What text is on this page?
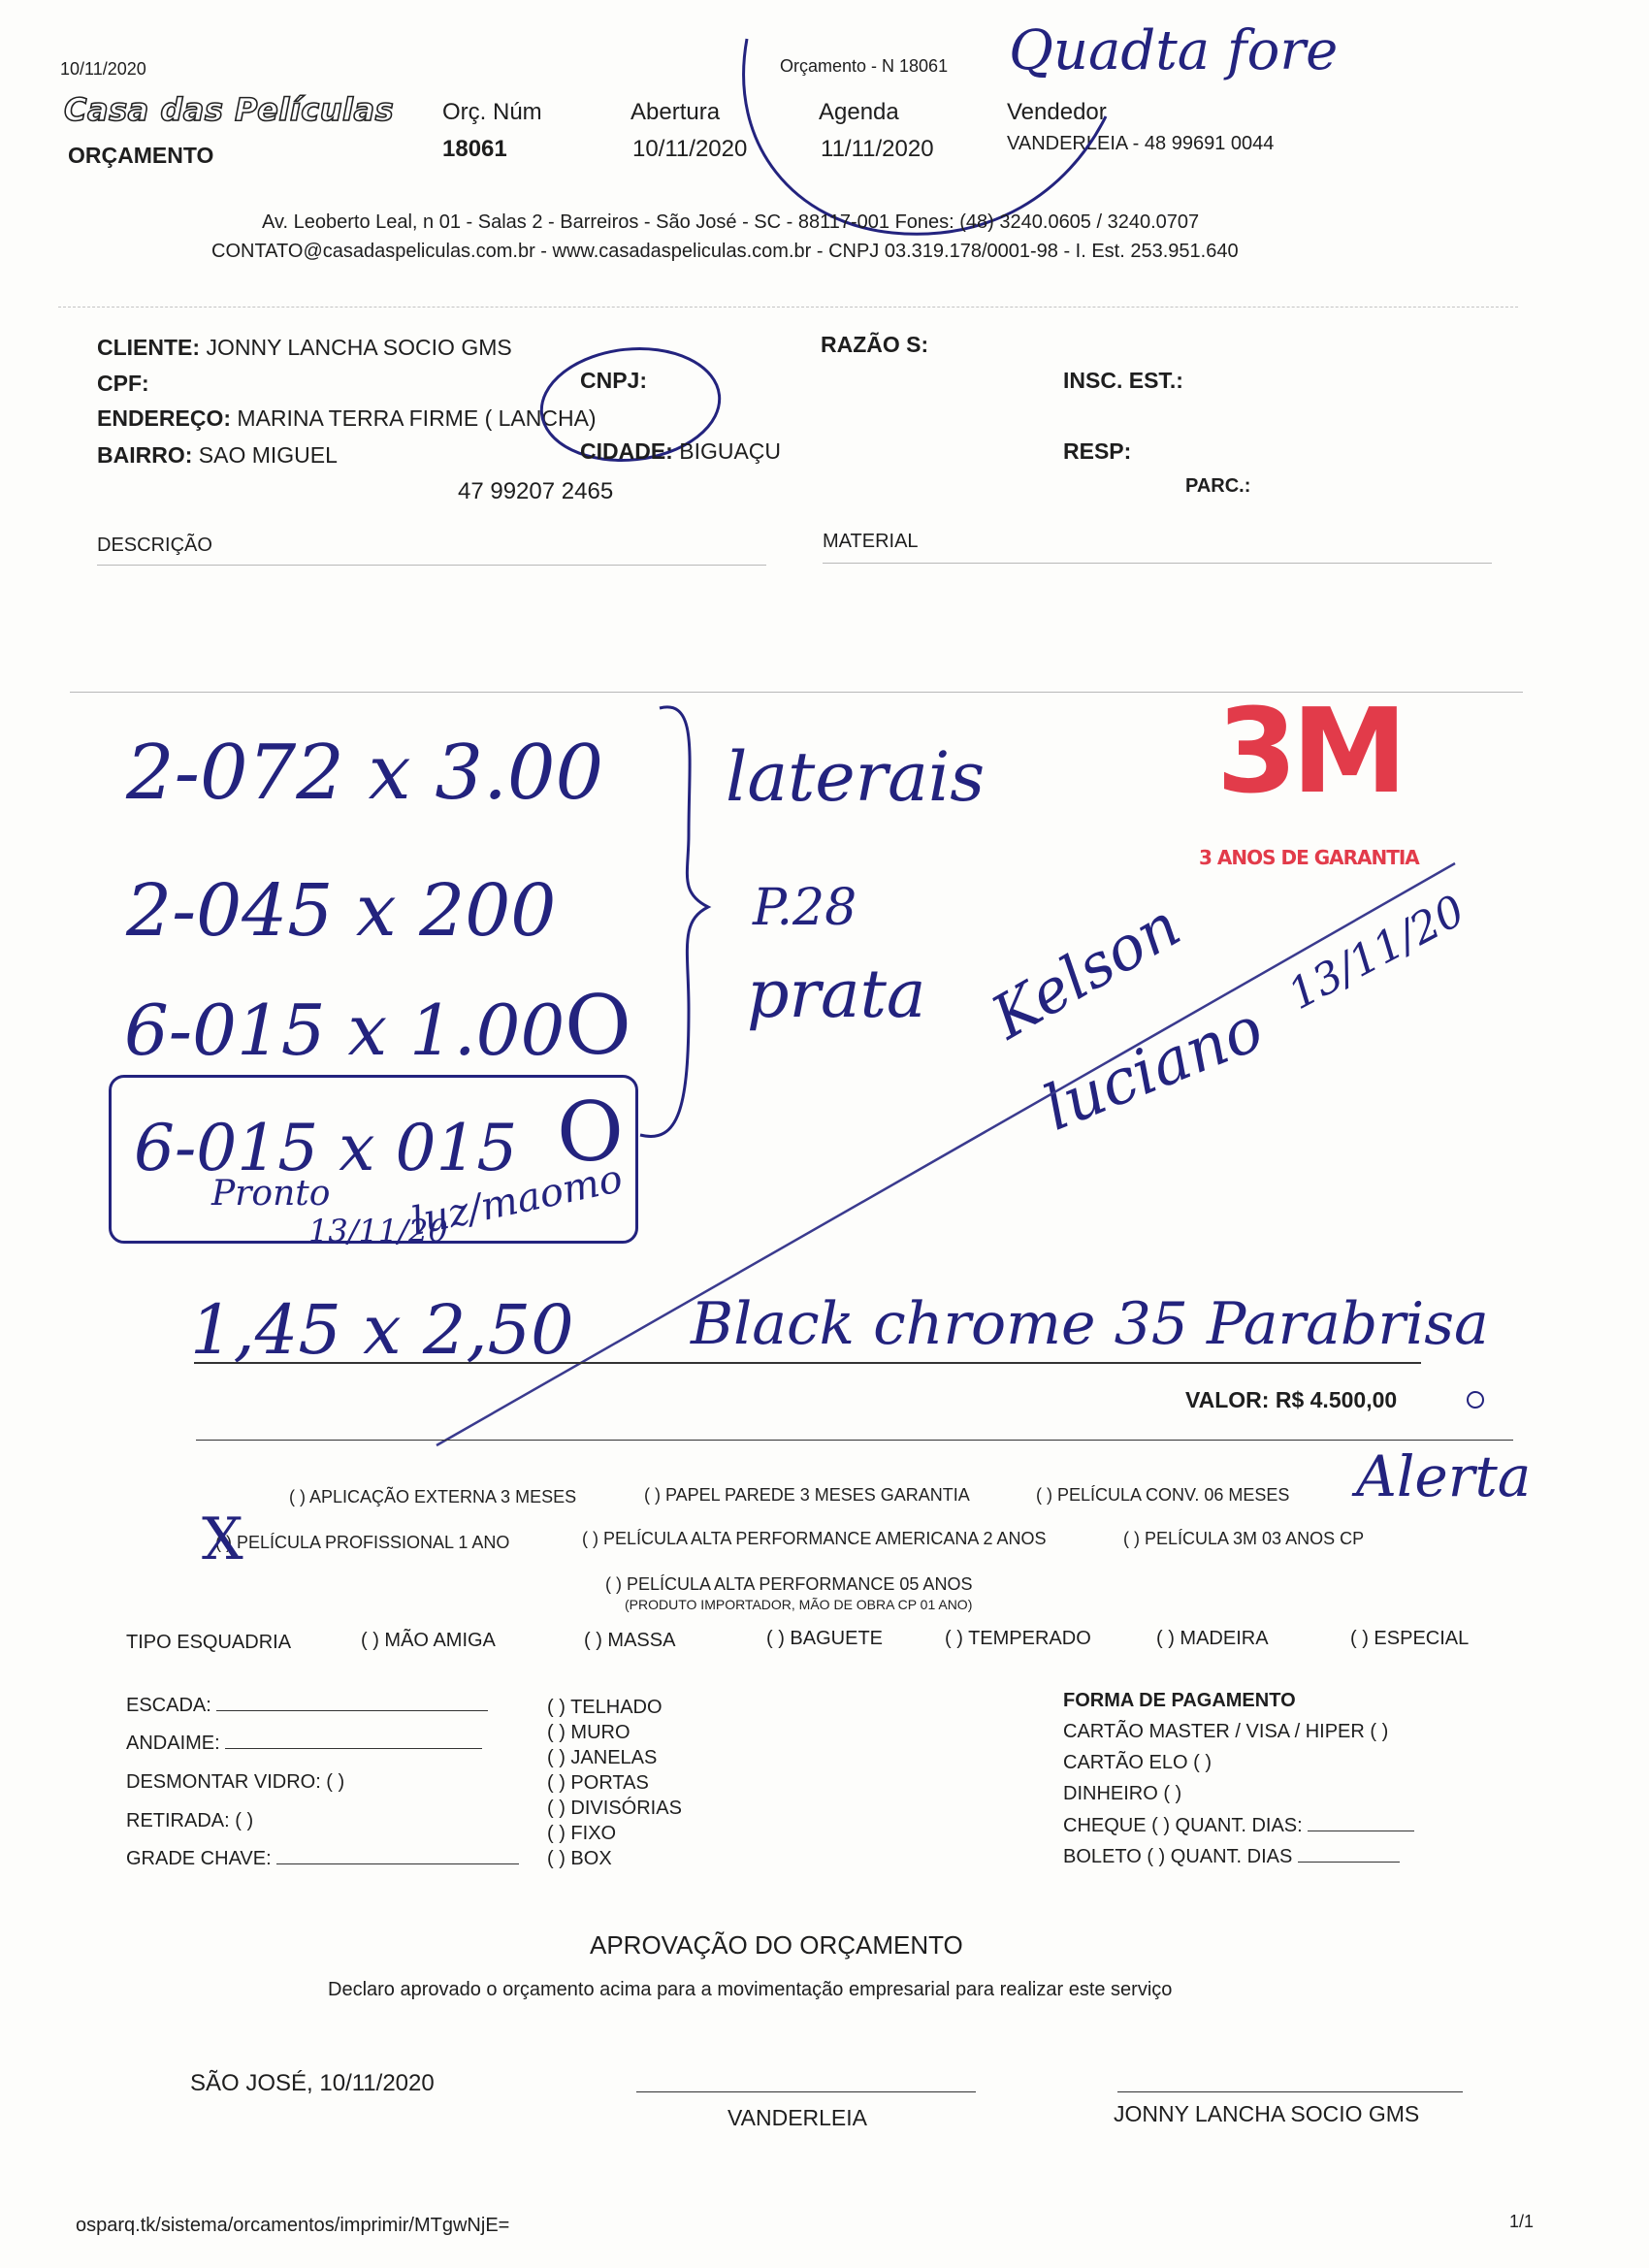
10/11/2020
Casa das Películas
ORÇAMENTO
Orç. Núm
18061
Abertura
10/11/2020
Agenda
11/11/2020
Vendedor
VANDERLEIA - 48 99691 0044
Orçamento - N 18061 Quadta fore
Av. Leoberto Leal, n 01 - Salas 2 - Barreiros - São José - SC - 88117-001 Fones: (48) 3240.0605 / 3240.0707
CONTATO@casadaspeliculas.com.br - www.casadaspeliculas.com.br - CNPJ 03.319.178/0001-98 - I. Est. 253.951.640
CLIENTE: JONNY LANCHA SOCIO GMS	RAZÃO S:
CPF:	CNPJ:	INSC. EST.:
ENDEREÇO: MARINA TERRA FIRME ( LANCHA)
BAIRRO: SAO MIGUEL	CIDADE: BIGUAÇU	RESP:
47 99207 2465	PARC.:
DESCRIÇÃO	MATERIAL
2-072 x 3.00
2-045 x 200
6-015 x 1.00 O
6-015 x 015 O
Pronto
13/11/20
luz/maomo
laterais
P.28
prata Kelson
luciano
13/11/20
3M
3 ANOS DE GARANTIA
1,45 x 2,50 Black chrome 35 Parabrisa
VALOR: R$ 4.500,00
( ) APLICAÇÃO EXTERNA 3 MESES	( ) PAPEL PAREDE 3 MESES GARANTIA	( ) PELÍCULA CONV. 06 MESES Alerta
( ) PELÍCULA PROFISSIONAL 1 ANO
X	( ) PELÍCULA ALTA PERFORMANCE AMERICANA 2 ANOS	( ) PELÍCULA 3M 03 ANOS CP
( ) PELÍCULA ALTA PERFORMANCE 05 ANOS
(PRODUTO IMPORTADOR, MÃO DE OBRA CP 01 ANO)
TIPO ESQUADRIA	( ) MÃO AMIGA	( ) MASSA	( ) BAGUETE	( ) TEMPERADO	( ) MADEIRA	( ) ESPECIAL
ESCADA:
ANDAIME:
DESMONTAR VIDRO: ( )
RETIRADA: ( )
GRADE CHAVE:
( ) TELHADO
( ) MURO
( ) JANELAS
( ) PORTAS
( ) DIVISÓRIAS
( ) FIXO
( ) BOX
FORMA DE PAGAMENTO
CARTÃO MASTER / VISA / HIPER ( )
CARTÃO ELO ( )
DINHEIRO ( )
CHEQUE ( ) QUANT. DIAS:
BOLETO ( ) QUANT. DIAS
APROVAÇÃO DO ORÇAMENTO
Declaro aprovado o orçamento acima para a movimentação empresarial para realizar este serviço
SÃO JOSÉ, 10/11/2020
VANDERLEIA	JONNY LANCHA SOCIO GMS
osparq.tk/sistema/orcamentos/imprimir/MTgwNjE=	1/1
